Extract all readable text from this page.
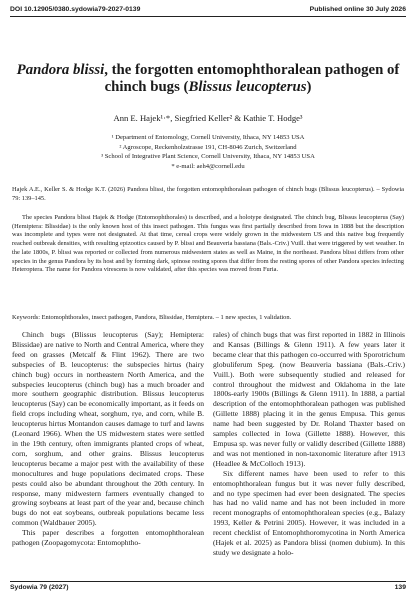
DOI 10.12905/0380.sydowia79-2027-0139	Published online 30 July 2026
Pandora blissi, the forgotten entomophthoralean pathogen of chinch bugs (Blissus leucopterus)
Ann E. Hajek¹·*, Siegfried Keller² & Kathie T. Hodge³
¹ Department of Entomology, Cornell University, Ithaca, NY 14853 USA
² Agroscope, Reckenholzstrasse 191, CH-8046 Zurich, Switzerland
³ School of Integrative Plant Science, Cornell University, Ithaca, NY 14853 USA
* e-mail: aeh4@cornell.edu
Hajek A.E., Keller S. & Hodge K.T. (2026) Pandora blissi, the forgotten entomophthoralean pathogen of chinch bugs (Blissus leucopterus). – Sydowia 79: 139–145.
The species Pandora blissi Hajek & Hodge (Entomophthorales) is described, and a holotype designated. The chinch bug, Blissus leucopterus (Say) (Hemiptera: Blissidae) is the only known host of this insect pathogen. This fungus was first partially described from Iowa in 1888 but the description was incomplete and types were not designated. At that time, cereal crops were widely grown in the midwestern US and this native bug frequently reached outbreak densities, with resulting epizootics caused by P. blissi and Beauveria bassiana (Bals.-Criv.) Vuill. that were triggered by wet weather. In the late 1800s, P. blissi was reported or collected from numerous midwestern states as well as Maine, in the northeast. Pandora blissi differs from other species in the genus Pandora by its host and by forming dark, spinose resting spores that differ from the resting spores of other Pandora species infecting Heteroptera. The name for Pandora virescens is now validated, after this species was moved from Furia.
Keywords: Entomophthorales, insect pathogen, Pandora, Blissidae, Hemiptera. – 1 new species, 1 validation.

Chinch bugs (Blissus leucopterus (Say); Hemiptera: Blissidae) are native to North and Central America, where they feed on grasses (Metcalf & Flint 1962). There are two subspecies of B. leucopterus: the subspecies hirtus (hairy chinch bug) occurs in northeastern North America, and the subspecies leucopterus (chinch bug) has a much broader and more southern geographic distribution. Blissus leucopterus leucopterus (Say) can be economically important, as it feeds on field crops including wheat, sorghum, rye, and corn, while B. leucopterus hirtus Montandon causes damage to turf and lawns (Leonard 1966). When the US midwestern states were settled in the 19th century, often immigrants planted crops of wheat, corn, sorghum, and other grains. Blissus leucopterus leucopterus became a major pest with the availability of these monocultures and huge populations decimated crops. These pests could also be abundant throughout the 20th century. In response, many midwestern farmers eventually changed to growing soybeans at least part of the year and, because chinch bugs do not eat soybeans, outbreak populations became less common (Waldbauer 2005).

This paper describes a forgotten entomophthoralean pathogen (Zoopagomycota: Entomophtho-

rales) of chinch bugs that was first reported in 1882 in Illinois and Kansas (Billings & Glenn 1911). A few years later it became clear that this pathogen co-occurred with Sporotrichum globuliferum Speg. (now Beauveria bassiana (Bals.-Criv.) Vuill.). Both were subsequently studied and released for control throughout the midwest and Oklahoma in the late 1800s-early 1900s (Billings & Glenn 1911). In 1888, a partial description of the entomophthoralean pathogen was published (Gillette 1888) placing it in the genus Empusa. This genus name had been suggested by Dr. Roland Thaxter based on samples collected in Iowa (Gillette 1888). However, this Empusa sp. was never fully or validly described (Gillette 1888) and was not mentioned in non-taxonomic literature after 1913 (Headlee & McColloch 1913).

Six different names have been used to refer to this entomophthoralean fungus but it was never fully described, and no type specimen had ever been designated. The species has had no valid name and has not been included in more recent monographs of entomophthoralean species (e.g., Balazy 1993, Keller & Petrini 2005). However, it was included in a recent checklist of Entomophthoromycotina in North America (Hajek et al. 2025) as Pandora blissi (nomen dubium). In this study we designate a holo-

Sydowia 79 (2027)	139
